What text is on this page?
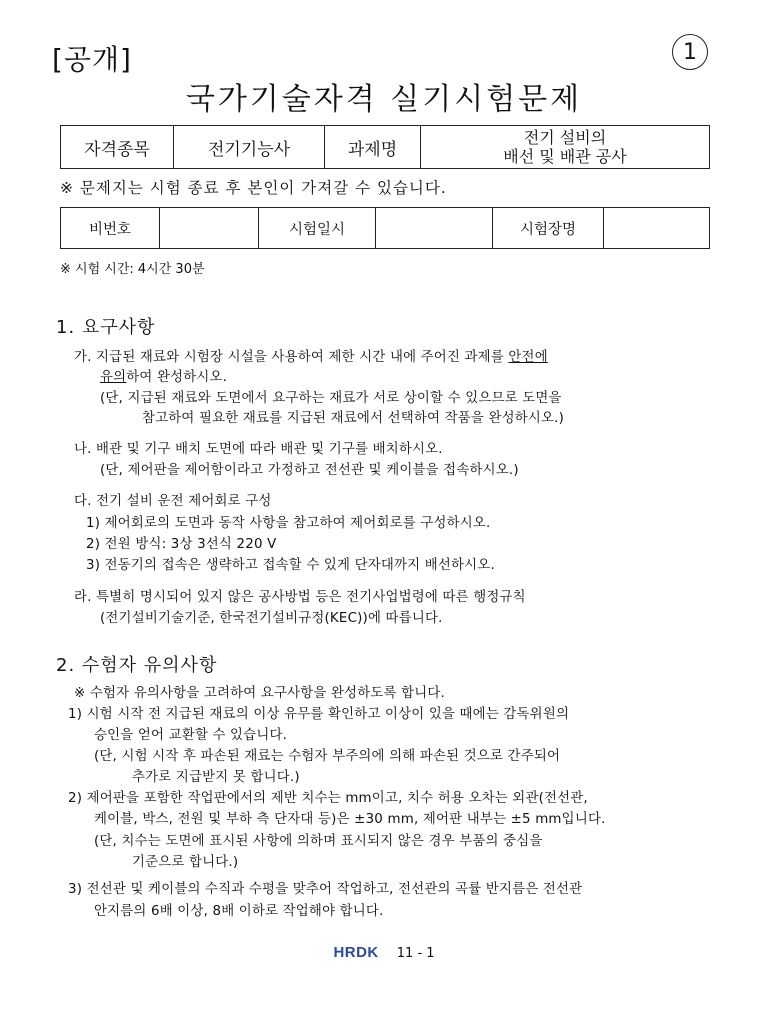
[공개]	1
국가기술자격 실기시험문제
자격종목	전기기능사	과제명	
전기 설비의
배선 및 배관 공사
※ 문제지는 시험 종료 후 본인이 가져갈 수 있습니다.
비번호		시험일시		시험장명	
※ 시험 시간: 4시간 30분
1. 요구사항
가. 지급된 재료와 시험장 시설을 사용하여 제한 시간 내에 주어진 과제를 안전에
유의하여 완성하시오.
(단, 지급된 재료와 도면에서 요구하는 재료가 서로 상이할 수 있으므로 도면을
참고하여 필요한 재료를 지급된 재료에서 선택하여 작품을 완성하시오.)
나. 배관 및 기구 배치 도면에 따라 배관 및 기구를 배치하시오.
(단, 제어판을 제어함이라고 가정하고 전선관 및 케이블을 접속하시오.)
다. 전기 설비 운전 제어회로 구성
1) 제어회로의 도면과 동작 사항을 참고하여 제어회로를 구성하시오.
2) 전원 방식: 3상 3선식 220 V
3) 전동기의 접속은 생략하고 접속할 수 있게 단자대까지 배선하시오.
라. 특별히 명시되어 있지 않은 공사방법 등은 전기사업법령에 따른 행정규칙
(전기설비기술기준, 한국전기설비규정(KEC))에 따릅니다.
2. 수험자 유의사항
※ 수험자 유의사항을 고려하여 요구사항을 완성하도록 합니다.
1) 시험 시작 전 지급된 재료의 이상 유무를 확인하고 이상이 있을 때에는 감독위원의
승인을 얻어 교환할 수 있습니다.
(단, 시험 시작 후 파손된 재료는 수험자 부주의에 의해 파손된 것으로 간주되어
추가로 지급받지 못 합니다.)
2) 제어판을 포함한 작업판에서의 제반 치수는 mm이고, 치수 허용 오차는 외관(전선관,
케이블, 박스, 전원 및 부하 측 단자대 등)은 ±30 mm, 제어판 내부는 ±5 mm입니다.
(단, 치수는 도면에 표시된 사항에 의하며 표시되지 않은 경우 부품의 중심을
기준으로 합니다.)
3) 전선관 및 케이블의 수직과 수평을 맞추어 작업하고, 전선관의 곡률 반지름은 전선관
안지름의 6배 이상, 8배 이하로 작업해야 합니다.
HRDK 11 - 1
